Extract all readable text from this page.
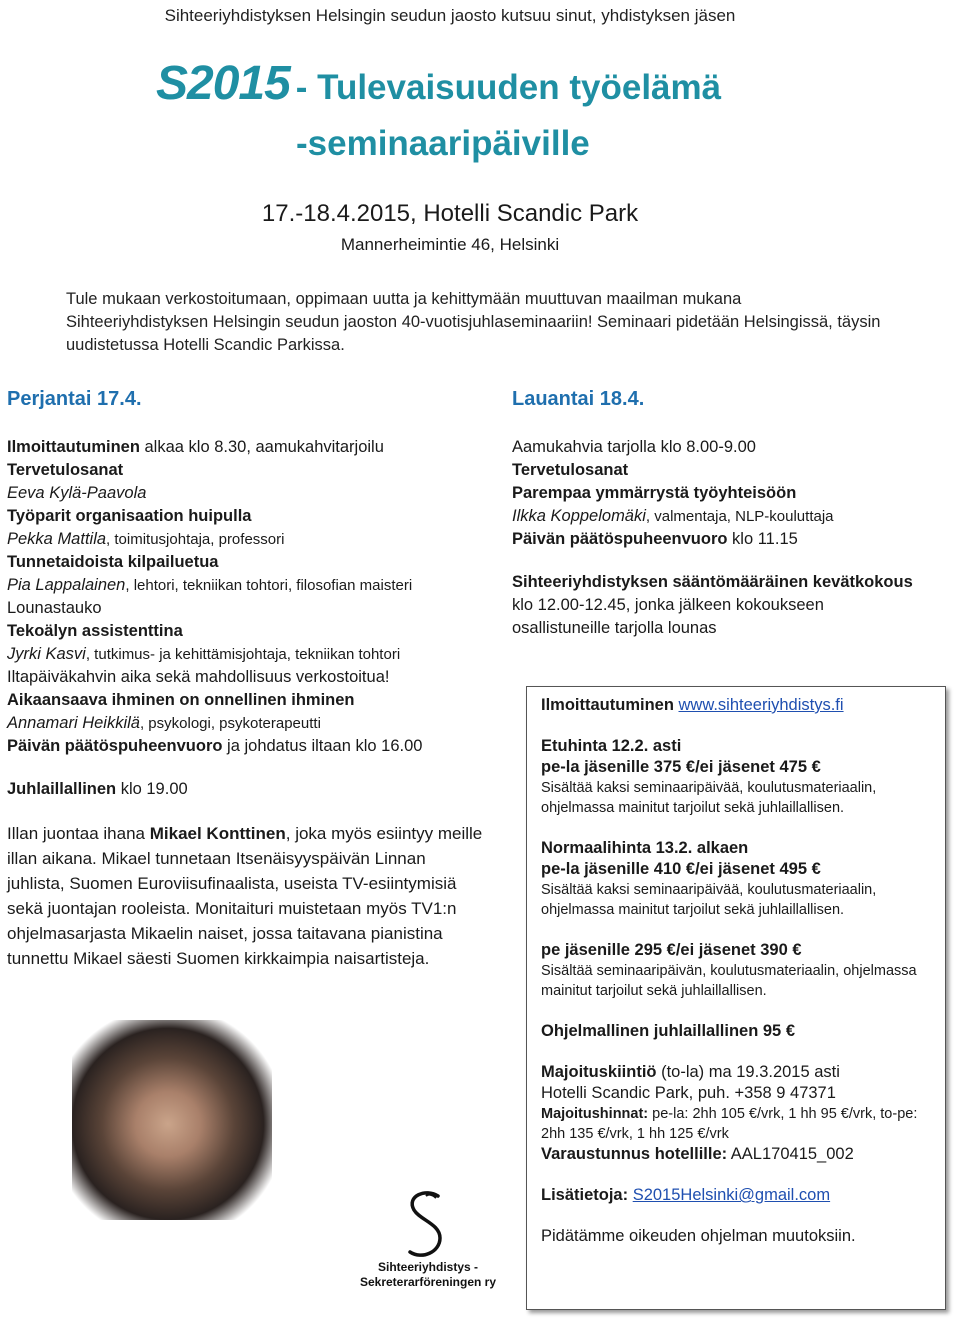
Sihteeriyhdistyksen Helsingin seudun jaosto kutsuu sinut, yhdistyksen jäsen
S2015 - Tulevaisuuden työelämä
-seminaaripäiville
17.-18.4.2015, Hotelli Scandic Park
Mannerheimintie 46, Helsinki
Tule mukaan verkostoitumaan, oppimaan uutta ja kehittymään muuttuvan maailman mukana Sihteeriyhdistyksen Helsingin seudun jaoston 40-vuotisjuhlaseminaariin! Seminaari pidetään Helsingissä, täysin uudistetussa Hotelli Scandic Parkissa.
Perjantai 17.4.	Lauantai 18.4.
Ilmoittautuminen alkaa klo 8.30, aamukahvitarjoilu
Tervetulosanat
Eeva Kylä-Paavola
Työparit organisaation huipulla
Pekka Mattila, toimitusjohtaja, professori
Tunnetaidoista kilpailuetua
Pia Lappalainen, lehtori, tekniikan tohtori, filosofian maisteri
Lounastauko
Tekoälyn assistenttina
Jyrki Kasvi, tutkimus- ja kehittämisjohtaja, tekniikan tohtori
Iltapäiväkahvin aika sekä mahdollisuus verkostoitua!
Aikaansaava ihminen on onnellinen ihminen
Annamari Heikkilä, psykologi, psykoterapeutti
Päivän päätöspuheenvuoro ja johdatus iltaan klo 16.00
Juhlaillallinen klo 19.00
Illan juontaa ihana Mikael Konttinen, joka myös esiintyy meille illan aikana. Mikael tunnetaan Itsenäisyyspäivän Linnan juhlista, Suomen Euroviisufinaalista, useista TV-esiintymisiä sekä juontajan rooleista. Monitaituri muistetaan myös TV1:n ohjelmasarjasta Mikaelin naiset, jossa taitavana pianistina tunnettu Mikael säesti Suomen kirkkaimpia naisartisteja.
Aamukahvia tarjolla klo 8.00-9.00
Tervetulosanat
Parempaa ymmärrystä työyhteisöön
Ilkka Koppelomäki, valmentaja, NLP-kouluttaja
Päivän päätöspuheenvuoro klo 11.15
Sihteeriyhdistyksen sääntömääräinen kevätkokous
klo 12.00-12.45, jonka jälkeen kokoukseen osallistuneille tarjolla lounas
Ilmoittautuminen www.sihteeriyhdistys.fi
Etuhinta 12.2. asti
pe-la jäsenille 375 €/ei jäsenet 475 €
Sisältää kaksi seminaaripäivää, koulutusmateriaalin, ohjelmassa mainitut tarjoilut sekä juhlaillallisen.
Normaalihinta 13.2. alkaen
pe-la jäsenille 410 €/ei jäsenet 495 €
Sisältää kaksi seminaaripäivää, koulutusmateriaalin, ohjelmassa mainitut tarjoilut sekä juhlaillallisen.
pe jäsenille 295 €/ei jäsenet 390 €
Sisältää seminaaripäivän, koulutusmateriaalin, ohjelmassa mainitut tarjoilut sekä juhlaillallisen.
Ohjelmallinen juhlaillallinen 95 €
Majoituskiintiö (to-la) ma 19.3.2015 asti
Hotelli Scandic Park, puh. +358 9 47371
Majoitushinnat: pe-la: 2hh 105 €/vrk, 1 hh 95 €/vrk, to-pe: 2hh 135 €/vrk, 1 hh 125 €/vrk
Varaustunnus hotellille: AAL170415_002
Lisätietoja: S2015Helsinki@gmail.com
Pidätämme oikeuden ohjelman muutoksiin.
Sihteeriyhdistys -
Sekreterarföreningen ry
